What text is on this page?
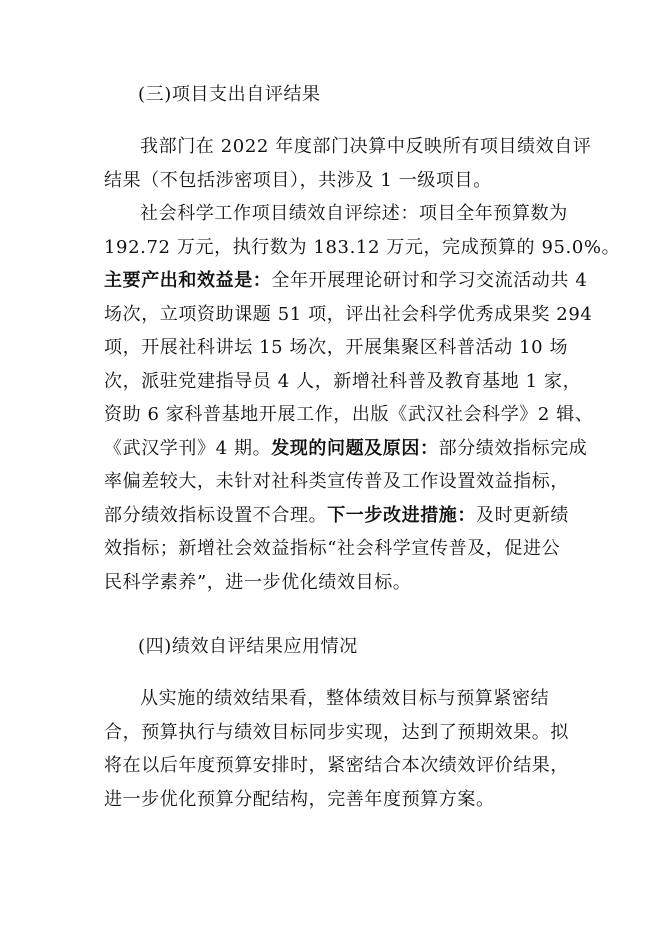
(三)项目支出自评结果
我部门在 2022 年度部门决算中反映所有项目绩效自评
结果（不包括涉密项目），共涉及 1 一级项目。
社会科学工作项目绩效自评综述：项目全年预算数为
192.72 万元，执行数为 183.12 万元，完成预算的 95.0%。
主要产出和效益是：全年开展理论研讨和学习交流活动共 4
场次，立项资助课题 51 项，评出社会科学优秀成果奖 294
项，开展社科讲坛 15 场次，开展集聚区科普活动 10 场
次，派驻党建指导员 4 人，新增社科普及教育基地 1 家，
资助 6 家科普基地开展工作，出版《武汉社会科学》2 辑、
《武汉学刊》4 期。发现的问题及原因：部分绩效指标完成
率偏差较大，未针对社科类宣传普及工作设置效益指标，
部分绩效指标设置不合理。下一步改进措施：及时更新绩
效指标；新增社会效益指标“社会科学宣传普及，促进公
民科学素养”，进一步优化绩效目标。
(四)绩效自评结果应用情况
从实施的绩效结果看，整体绩效目标与预算紧密结
合，预算执行与绩效目标同步实现，达到了预期效果。拟
将在以后年度预算安排时，紧密结合本次绩效评价结果，
进一步优化预算分配结构，完善年度预算方案。
